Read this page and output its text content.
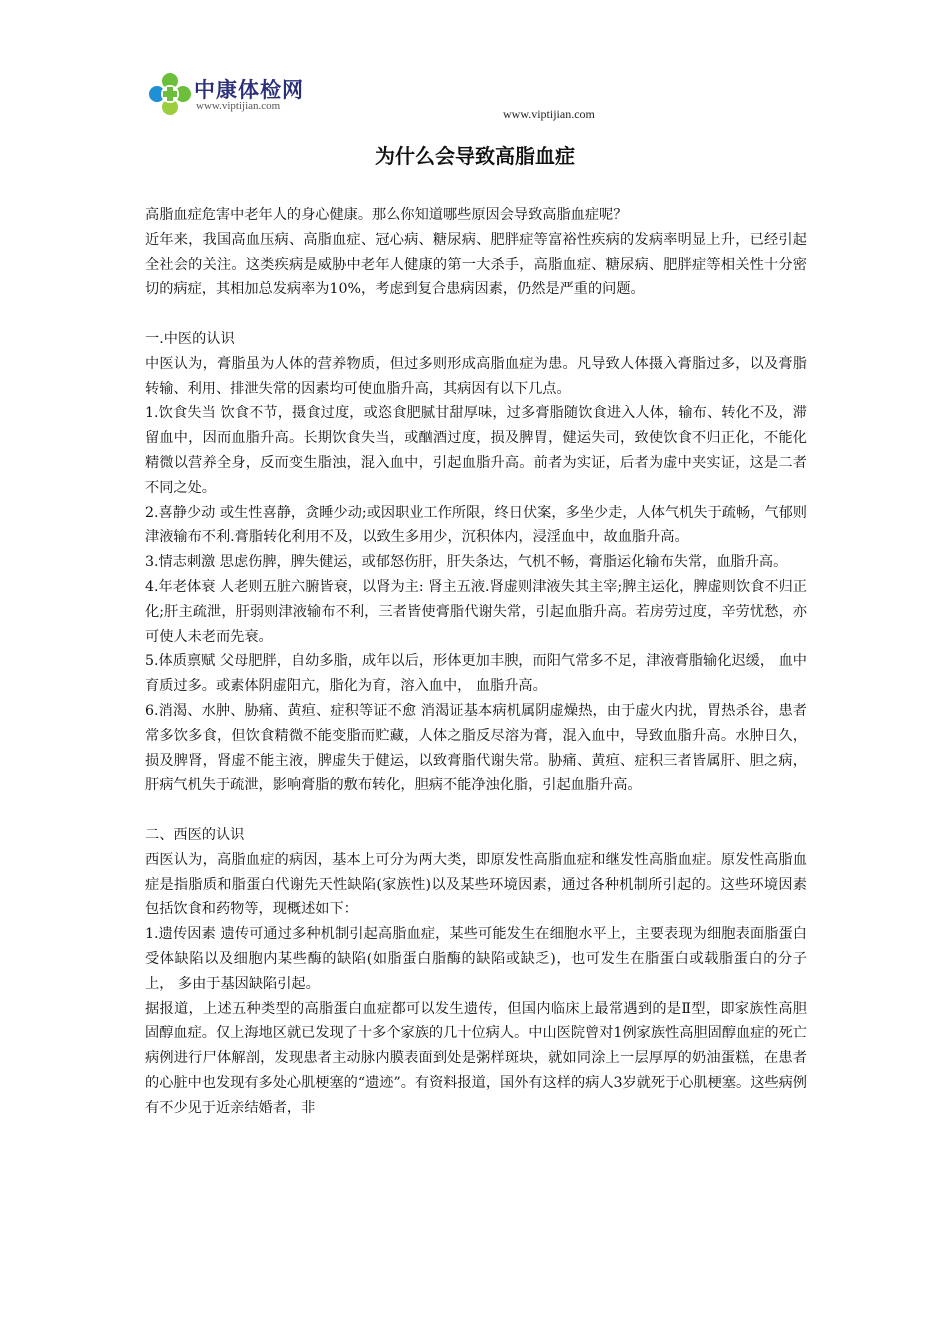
中康体检网
www.viptijian.com
www.viptijian.com
为什么会导致高脂血症

高脂血症危害中老年人的身心健康。那么你知道哪些原因会导致高脂血症呢？

近年来，我国高血压病、高脂血症、冠心病、糖尿病、肥胖症等富裕性疾病的发病率明显上升，已经引起全社会的关注。这类疾病是威胁中老年人健康的第一大杀手，高脂血症、糖尿病、肥胖症等相关性十分密切的病症，其相加总发病率为10%，考虑到复合患病因素，仍然是严重的问题。

一.中医的认识

中医认为，膏脂虽为人体的营养物质，但过多则形成高脂血症为患。凡导致人体摄入膏脂过多，以及膏脂转输、利用、排泄失常的因素均可使血脂升高，其病因有以下几点。

1.饮食失当 饮食不节，摄食过度，或恣食肥腻甘甜厚味，过多膏脂随饮食进入人体，输布、转化不及，滞留血中，因而血脂升高。长期饮食失当，或酗酒过度，损及脾胃，健运失司，致使饮食不归正化，不能化精微以营养全身，反而变生脂浊，混入血中，引起血脂升高。前者为实证，后者为虚中夹实证，这是二者不同之处。

2.喜静少动 或生性喜静，贪睡少动;或因职业工作所限，终日伏案，多坐少走，人体气机失于疏畅，气郁则津液输布不利.膏脂转化利用不及，以致生多用少，沉积体内，浸淫血中，故血脂升高。

3.情志刺激 思虑伤脾，脾失健运，或郁怒伤肝，肝失条达，气机不畅，膏脂运化输布失常，血脂升高。

4.年老体衰 人老则五脏六腑皆衰，以肾为主: 肾主五液.肾虚则津液失其主宰;脾主运化，脾虚则饮食不归正化;肝主疏泄，肝弱则津液输布不利，三者皆使膏脂代谢失常，引起血脂升高。若房劳过度，辛劳忧愁，亦可使人未老而先衰。

5.体质禀赋 父母肥胖，自幼多脂，成年以后，形体更加丰腴，而阳气常多不足，津液膏脂输化迟缓， 血中育质过多。或素体阴虚阳亢，脂化为育，溶入血中， 血脂升高。

6.消渴、水肿、胁痛、黄疸、症积等证不愈 消渴证基本病机属阴虚燥热，由于虚火内扰，胃热杀谷，患者常多饮多食，但饮食精微不能变脂而贮藏，人体之脂反尽溶为膏，混入血中，导致血脂升高。水肿日久，损及脾肾，肾虚不能主液，脾虚失于健运，以致膏脂代谢失常。胁痛、黄疸、症积三者皆属肝、胆之病，肝病气机失于疏泄，影响膏脂的敷布转化，胆病不能净浊化脂，引起血脂升高。

二、西医的认识

西医认为，高脂血症的病因，基本上可分为两大类，即原发性高脂血症和继发性高脂血症。原发性高脂血症是指脂质和脂蛋白代谢先天性缺陷(家族性)以及某些环境因素，通过各种机制所引起的。这些环境因素包括饮食和药物等，现概述如下：

1.遗传因素 遗传可通过多种机制引起高脂血症，某些可能发生在细胞水平上，主要表现为细胞表面脂蛋白受体缺陷以及细胞内某些酶的缺陷(如脂蛋白脂酶的缺陷或缺乏)，也可发生在脂蛋白或载脂蛋白的分子上， 多由于基因缺陷引起。

据报道，上述五种类型的高脂蛋白血症都可以发生遗传，但国内临床上最常遇到的是Ⅱ型，即家族性高胆固醇血症。仅上海地区就已发现了十多个家族的几十位病人。中山医院曾对1例家族性高胆固醇血症的死亡病例进行尸体解剖，发现患者主动脉内膜表面到处是粥样斑块，就如同涂上一层厚厚的奶油蛋糕，在患者的心脏中也发现有多处心肌梗塞的“遗迹”。有资料报道，国外有这样的病人3岁就死于心肌梗塞。这些病例有不少见于近亲结婚者，非
